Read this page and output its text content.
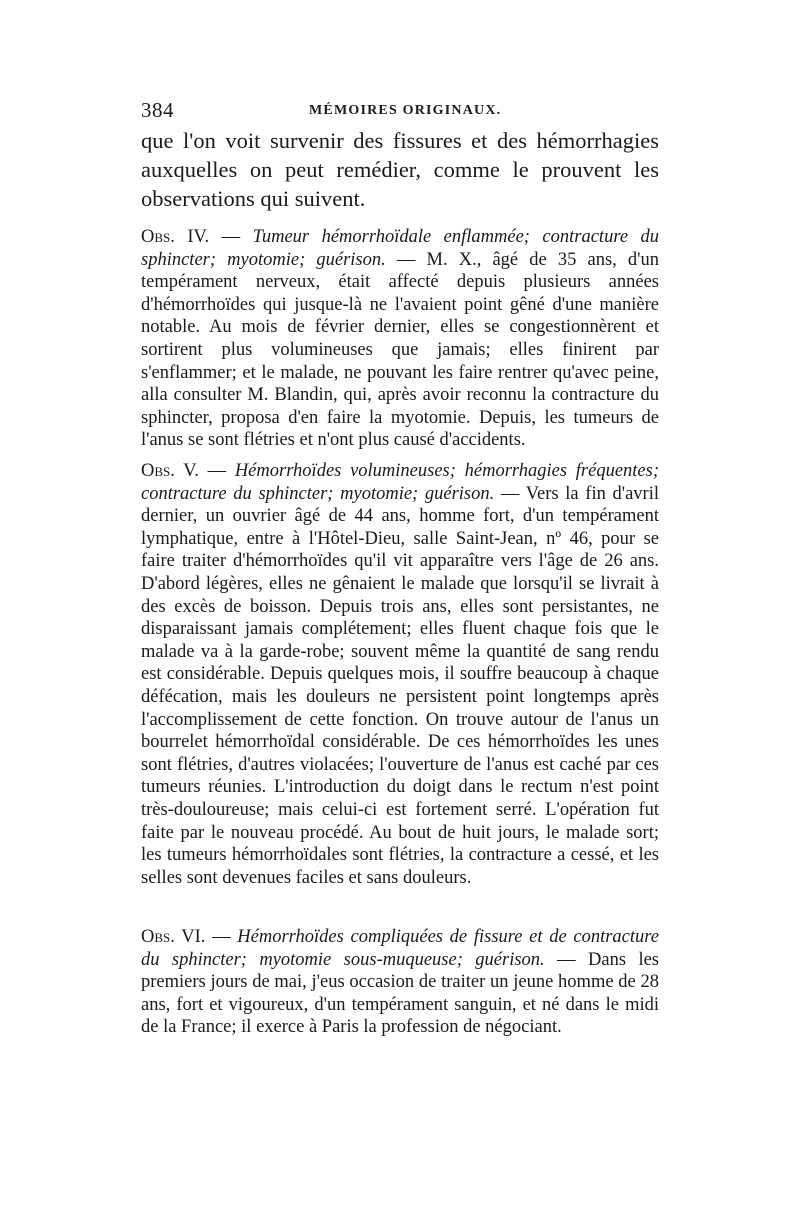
384	MÉMOIRES ORIGINAUX.

que l'on voit survenir des fissures et des hémorrhagies auxquelles on peut remédier, comme le prouvent les observations qui suivent.

Obs. IV. — Tumeur hémorrhoïdale enflammée; contracture du sphincter; myotomie; guérison. — M. X., âgé de 35 ans, d'un tempérament nerveux, était affecté depuis plusieurs années d'hémorrhoïdes qui jusque-là ne l'avaient point gêné d'une manière notable. Au mois de février dernier, elles se congestionnèrent et sortirent plus volumineuses que jamais; elles finirent par s'enflammer; et le malade, ne pouvant les faire rentrer qu'avec peine, alla consulter M. Blandin, qui, après avoir reconnu la contracture du sphincter, proposa d'en faire la myotomie. Depuis, les tumeurs de l'anus se sont flétries et n'ont plus causé d'accidents.

Obs. V. — Hémorrhoïdes volumineuses; hémorrhagies fréquentes; contracture du sphincter; myotomie; guérison. — Vers la fin d'avril dernier, un ouvrier âgé de 44 ans, homme fort, d'un tempérament lymphatique, entre à l'Hôtel-Dieu, salle Saint-Jean, nº 46, pour se faire traiter d'hémorrhoïdes qu'il vit apparaître vers l'âge de 26 ans. D'abord légères, elles ne gênaient le malade que lorsqu'il se livrait à des excès de boisson. Depuis trois ans, elles sont persistantes, ne disparaissant jamais complétement; elles fluent chaque fois que le malade va à la garde-robe; souvent même la quantité de sang rendu est considérable. Depuis quelques mois, il souffre beaucoup à chaque défécation, mais les douleurs ne persistent point longtemps après l'accomplissement de cette fonction. On trouve autour de l'anus un bourrelet hémorrhoïdal considérable. De ces hémorrhoïdes les unes sont flétries, d'autres violacées; l'ouverture de l'anus est caché par ces tumeurs réunies. L'introduction du doigt dans le rectum n'est point très-douloureuse; mais celui-ci est fortement serré. L'opération fut faite par le nouveau procédé. Au bout de huit jours, le malade sort; les tumeurs hémorrhoïdales sont flétries, la contracture a cessé, et les selles sont devenues faciles et sans douleurs.

Obs. VI. — Hémorrhoïdes compliquées de fissure et de contracture du sphincter; myotomie sous-muqueuse; guérison. — Dans les premiers jours de mai, j'eus occasion de traiter un jeune homme de 28 ans, fort et vigoureux, d'un tempérament sanguin, et né dans le midi de la France; il exerce à Paris la profession de négociant.
